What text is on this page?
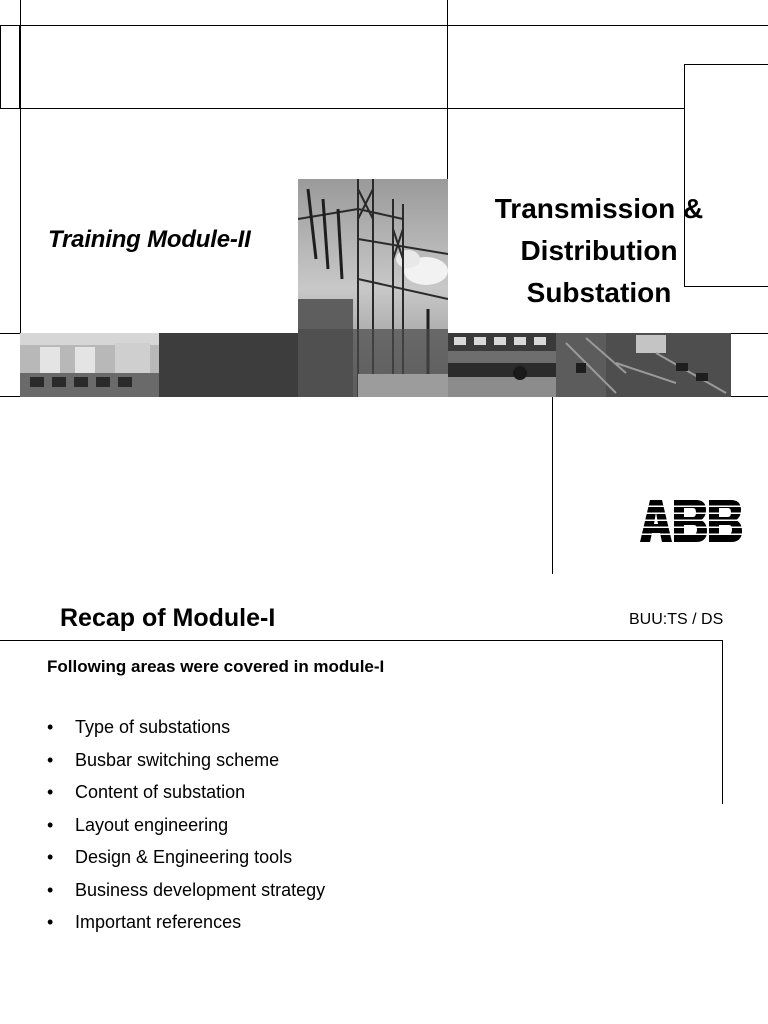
Training Module-II
Transmission &
Distribution
Substation
Recap of Module-I	BUU:TS / DS
Following areas were covered in module-I
• Type of substations
• Busbar switching scheme
• Content of substation
• Layout engineering
• Design & Engineering tools
• Business development strategy
• Important references
